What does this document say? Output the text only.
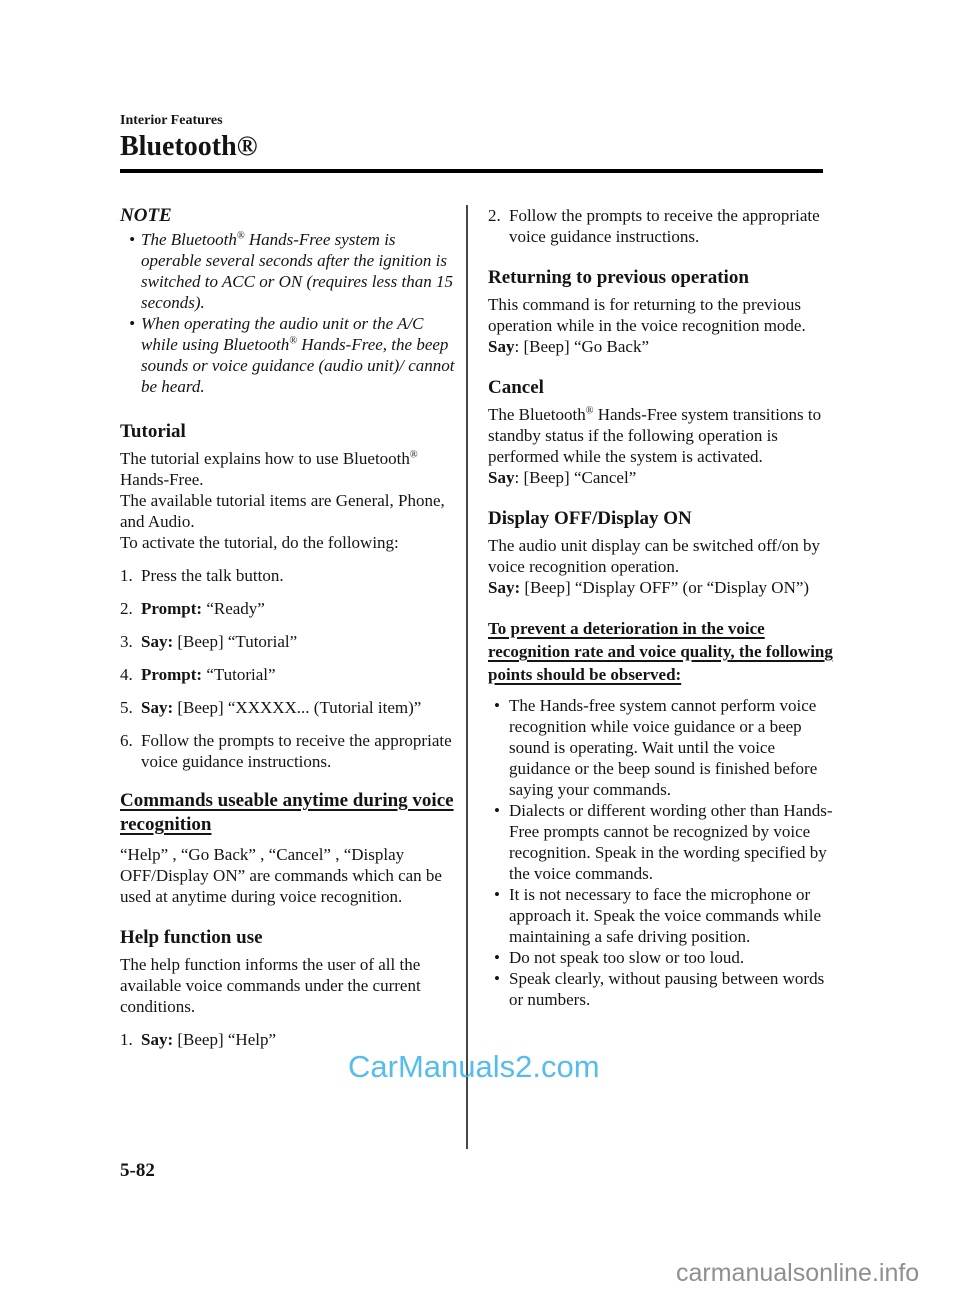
Interior Features
Bluetooth®
NOTE

• The Bluetooth® Hands-Free system is operable several seconds after the ignition is switched to ACC or ON (requires less than 15 seconds).

• When operating the audio unit or the A/C while using Bluetooth® Hands-Free, the beep sounds or voice guidance (audio unit)/ cannot be heard.

Tutorial

The tutorial explains how to use Bluetooth® Hands-Free.

The available tutorial items are General, Phone, and Audio.

To activate the tutorial, do the following:

1. Press the talk button.
2. Prompt: “Ready”
3. Say: [Beep] “Tutorial”
4. Prompt: “Tutorial”
5. Say: [Beep] “XXXXX... (Tutorial item)”
6. Follow the prompts to receive the appropriate voice guidance instructions.
Commands useable anytime during voice recognition

“Help” , “Go Back” , “Cancel” , “Display OFF/Display ON” are commands which can be used at anytime during voice recognition.

Help function use

The help function informs the user of all the available voice commands under the current conditions.

1. Say: [Beep] “Help”
2. Follow the prompts to receive the appropriate voice guidance instructions.
Returning to previous operation

This command is for returning to the previous operation while in the voice recognition mode.

Say: [Beep] “Go Back”

Cancel

The Bluetooth® Hands-Free system transitions to standby status if the following operation is performed while the system is activated.

Say: [Beep] “Cancel”

Display OFF/Display ON

The audio unit display can be switched off/on by voice recognition operation.

Say: [Beep] “Display OFF” (or “Display ON”)

To prevent a deterioration in the voice recognition rate and voice quality, the following points should be observed:

• The Hands-free system cannot perform voice recognition while voice guidance or a beep sound is operating. Wait until the voice guidance or the beep sound is finished before saying your commands.

• Dialects or different wording other than Hands-Free prompts cannot be recognized by voice recognition. Speak in the wording specified by the voice commands.

• It is not necessary to face the microphone or approach it. Speak the voice commands while maintaining a safe driving position.

• Do not speak too slow or too loud.

• Speak clearly, without pausing between words or numbers.

5-82
CarManuals2.com
carmanualsonline.info
